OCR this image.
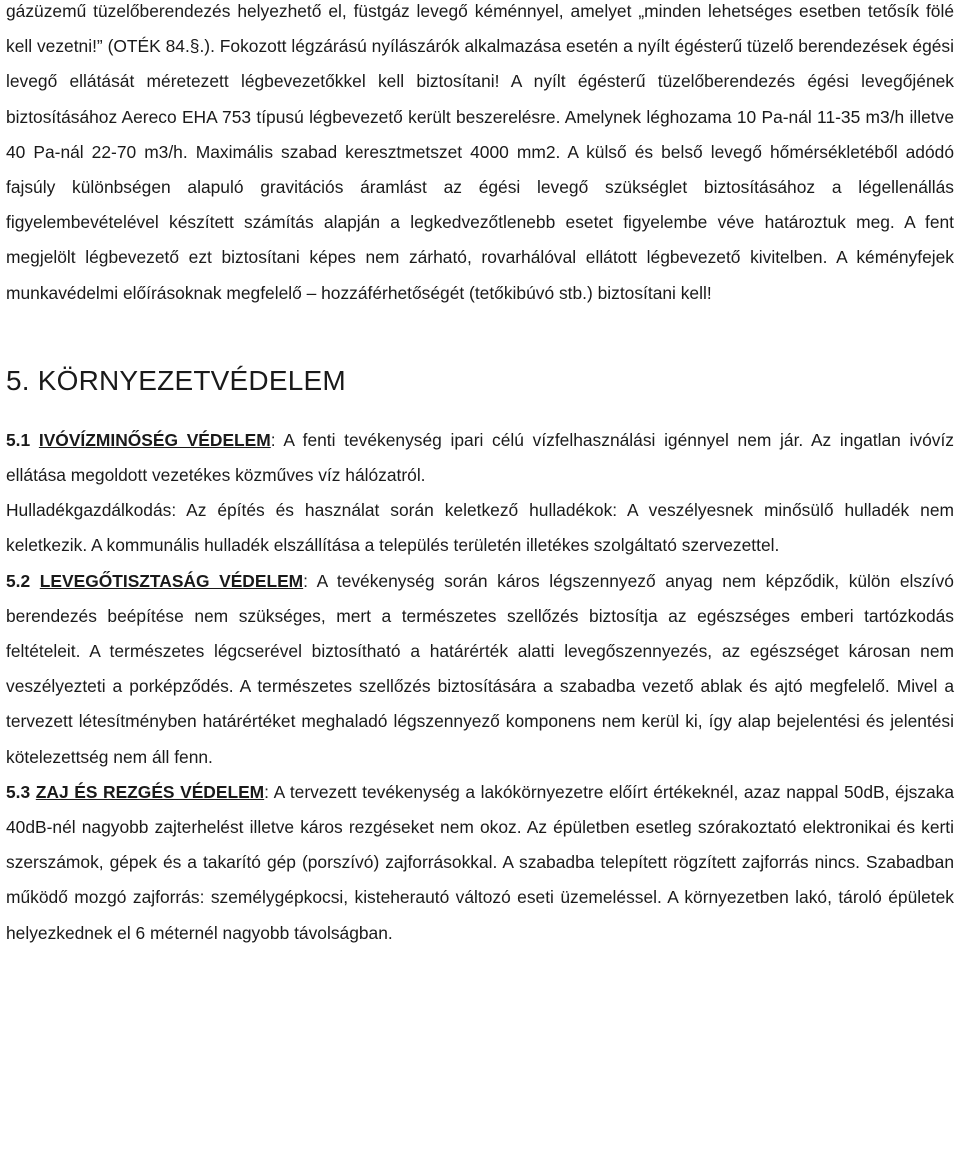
gázüzemű tüzelőberendezés helyezhető el, füstgáz levegő kéménnyel, amelyet „minden lehetséges esetben tetősík fölé kell vezetni!” (OTÉK 84.§.). Fokozott légzárású nyílászárók alkalmazása esetén a nyílt égésterű tüzelő berendezések égési levegő ellátását méretezett légbevezetőkkel kell biztosítani! A nyílt égésterű tüzelőberendezés égési levegőjének biztosításához Aereco EHA 753 típusú légbevezető került beszerelésre. Amelynek léghozama 10 Pa-nál 11-35 m3/h illetve 40 Pa-nál 22-70 m3/h. Maximális szabad keresztmetszet 4000 mm2. A külső és belső levegő hőmérsékletéből adódó fajsúly különbségen alapuló gravitációs áramlást az égési levegő szükséglet biztosításához a légellenállás figyelembevételével készített számítás alapján a legkedvezőtlenebb esetet figyelembe véve határoztuk meg. A fent megjelölt légbevezető ezt biztosítani képes nem zárható, rovarhálóval ellátott légbevezető kivitelben. A kéményfejek munkavédelmi előírásoknak megfelelő – hozzáférhetőségét (tetőkibúvó stb.) biztosítani kell!

5. KÖRNYEZETVÉDELEM

5.1 IVÓVÍZMINŐSÉG VÉDELEM: A fenti tevékenység ipari célú vízfelhasználási igénnyel nem jár. Az ingatlan ivóvíz ellátása megoldott vezetékes közműves víz hálózatról.

Hulladékgazdálkodás: Az építés és használat során keletkező hulladékok: A veszélyesnek minősülő hulladék nem keletkezik. A kommunális hulladék elszállítása a település területén illetékes szolgáltató szervezettel.

5.2 LEVEGŐTISZTASÁG VÉDELEM: A tevékenység során káros légszennyező anyag nem képződik, külön elszívó berendezés beépítése nem szükséges, mert a természetes szellőzés biztosítja az egészséges emberi tartózkodás feltételeit. A természetes légcserével biztosítható a határérték alatti levegőszennyezés, az egészséget károsan nem veszélyezteti a porképződés. A természetes szellőzés biztosítására a szabadba vezető ablak és ajtó megfelelő. Mivel a tervezett létesítményben határértéket meghaladó légszennyező komponens nem kerül ki, így alap bejelentési és jelentési kötelezettség nem áll fenn.

5.3 ZAJ ÉS REZGÉS VÉDELEM: A tervezett tevékenység a lakókörnyezetre előírt értékeknél, azaz nappal 50dB, éjszaka 40dB-nél nagyobb zajterhelést illetve káros rezgéseket nem okoz. Az épületben esetleg szórakoztató elektronikai és kerti szerszámok, gépek és a takarító gép (porszívó) zajforrásokkal. A szabadba telepített rögzített zajforrás nincs. Szabadban működő mozgó zajforrás: személygépkocsi, kisteherautó változó eseti üzemeléssel. A környezetben lakó, tároló épületek helyezkednek el 6 méternél nagyobb távolságban.
